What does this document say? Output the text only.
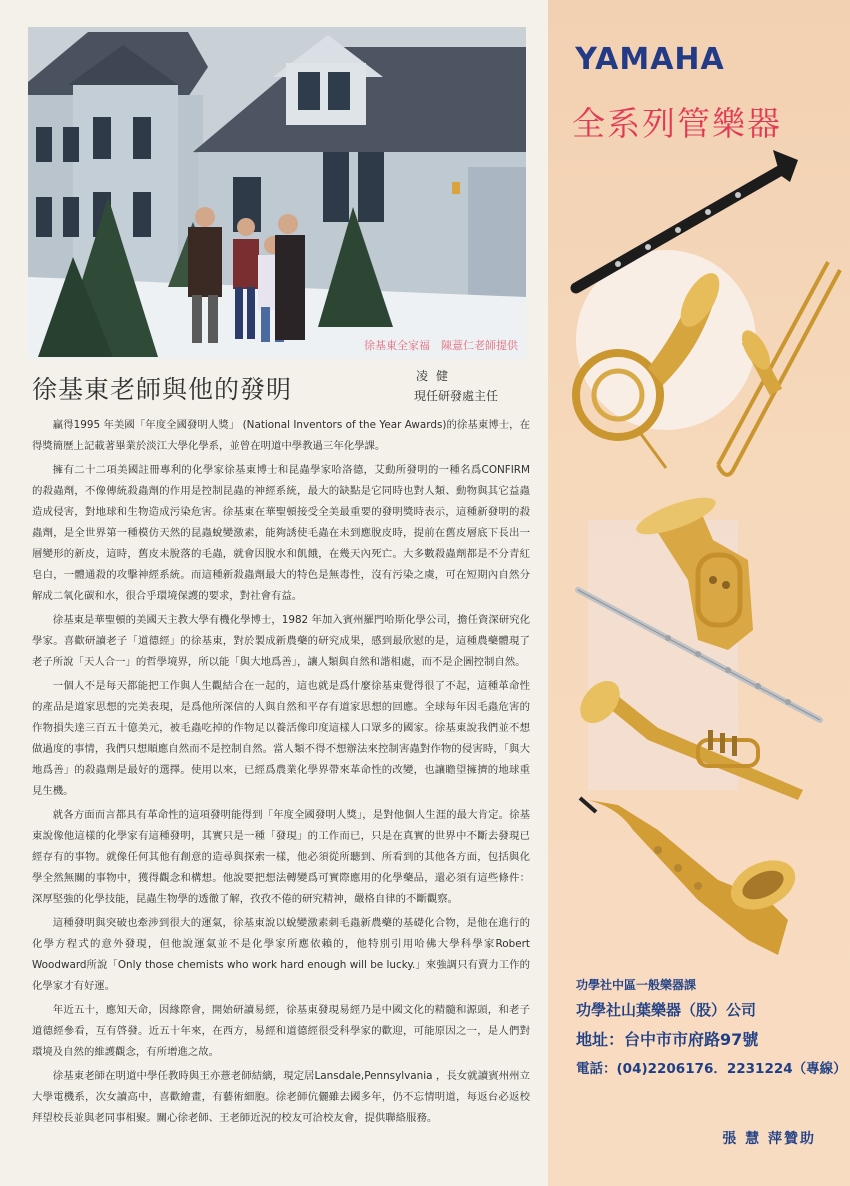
徐基東全家福　陳薏仁老師提供
徐基東老師與他的發明	凌健
現任研發處主任

贏得1995 年美國「年度全國發明人獎」 (National Inventors of the Year Awards)的徐基東博士，在得獎簡歷上記載著畢業於淡江大學化學系，並曾在明道中學教過三年化學課。

擁有二十二項美國註冊專利的化學家徐基東博士和昆蟲學家哈洛德，艾動所發明的一種名爲CONFIRM 的殺蟲劑，不像傳統殺蟲劑的作用是控制昆蟲的神經系統，最大的缺點是它同時也對人類、動物與其它益蟲造成侵害，對地球和生物造成污染危害。徐基東在華聖頓接受全美最重要的發明獎時表示，這種新發明的殺蟲劑，是全世界第一種模仿天然的昆蟲蛻變激素，能夠誘使毛蟲在未到應脫皮時，提前在舊皮層底下長出一層變形的新皮，這時，舊皮未脫落的毛蟲，就會因脫水和飢餓，在幾天內死亡。大多數殺蟲劑都是不分青紅皂白，一體通殺的攻擊神經系統。而這種新殺蟲劑最大的特色是無毒性，沒有污染之虞，可在短期內自然分解成二氧化碳和水，很合乎環境保護的要求，對社會有益。

徐基東是華聖頓的美國天主教大學有機化學博士，1982 年加入賓州羅門哈斯化學公司，擔任資深研究化學家。喜歡研讀老子「道德經」的徐基東，對於製成新農藥的研究成果，感到最欣慰的是，這種農藥體現了老子所說「天人合一」的哲學境界，所以能「與大地爲善」，讓人類與自然和諧相處，而不是企圖控制自然。

一個人不是每天都能把工作與人生觀結合在一起的，這也就是爲什麼徐基東覺得很了不起，這種革命性的產品是道家思想的完美表現，是爲他所深信的人與自然和平存有道家思想的回應。全球每年因毛蟲危害的作物損失達三百五十億美元，被毛蟲吃掉的作物足以養活像印度這樣人口眾多的國家。徐基東說我們並不想做過度的事情，我們只想順應自然而不是控制自然。當人類不得不想辦法來控制害蟲對作物的侵害時，「與大地爲善」的殺蟲劑是最好的選擇。使用以來，已經爲農業化學界帶來革命性的改變，也讓瞻望擁擠的地球重見生機。

就各方面而言都具有革命性的這項發明能得到「年度全國發明人獎」，是對他個人生涯的最大肯定。徐基東說像他這樣的化學家有這種發明，其實只是一種「發現」的工作而已，只是在真實的世界中不斷去發現已經存有的事物。就像任何其他有創意的造尋與探索一樣，他必須從所聽到、所看到的其他各方面，包括與化學全然無關的事物中，獲得觀念和構想。他說要把想法轉變爲可實際應用的化學藥品，還必須有這些條件：深厚堅強的化學技能，昆蟲生物學的透徹了解，孜孜不倦的研究精神，嚴格自律的不斷觀察。

這種發明與突破也牽涉到很大的運氣，徐基東說以蛻變激素刺毛蟲新農藥的基礎化合物，是他在進行的化學方程式的意外發現，但他說運氣並不是化學家所應依賴的，他特別引用哈佛大學科學家Robert Woodward所說「Only those chemists who work hard enough will be lucky.」來強調只有賣力工作的化學家才有好運。

年近五十，應知天命，因緣際會，開始研讀易經，徐基東發現易經乃是中國文化的精髓和源頭，和老子道德經參看，互有啓發。近五十年來，在西方，易經和道德經很受科學家的歡迎，可能原因之一，是人們對環境及自然的維護觀念，有所增進之故。

徐基東老師在明道中學任教時與王亦薏老師結縭，現定居Lansdale,Pennsylvania ，長女就讀賓州州立大學電機系，次女讀高中，喜歡繪畫，有藝術細胞。徐老師伉儷雖去國多年，仍不忘情明道，每返台必返校拜望校長並與老同事相聚。關心徐老師、王老師近況的校友可洽校友會，提供聯絡服務。

YAMAHA
全系列管樂器
功學社中區一般樂器課
功學社山葉樂器（股）公司
地址：台中市市府路97號
電話：(04)2206176．2231224（專線）
張 慧 萍贊助
